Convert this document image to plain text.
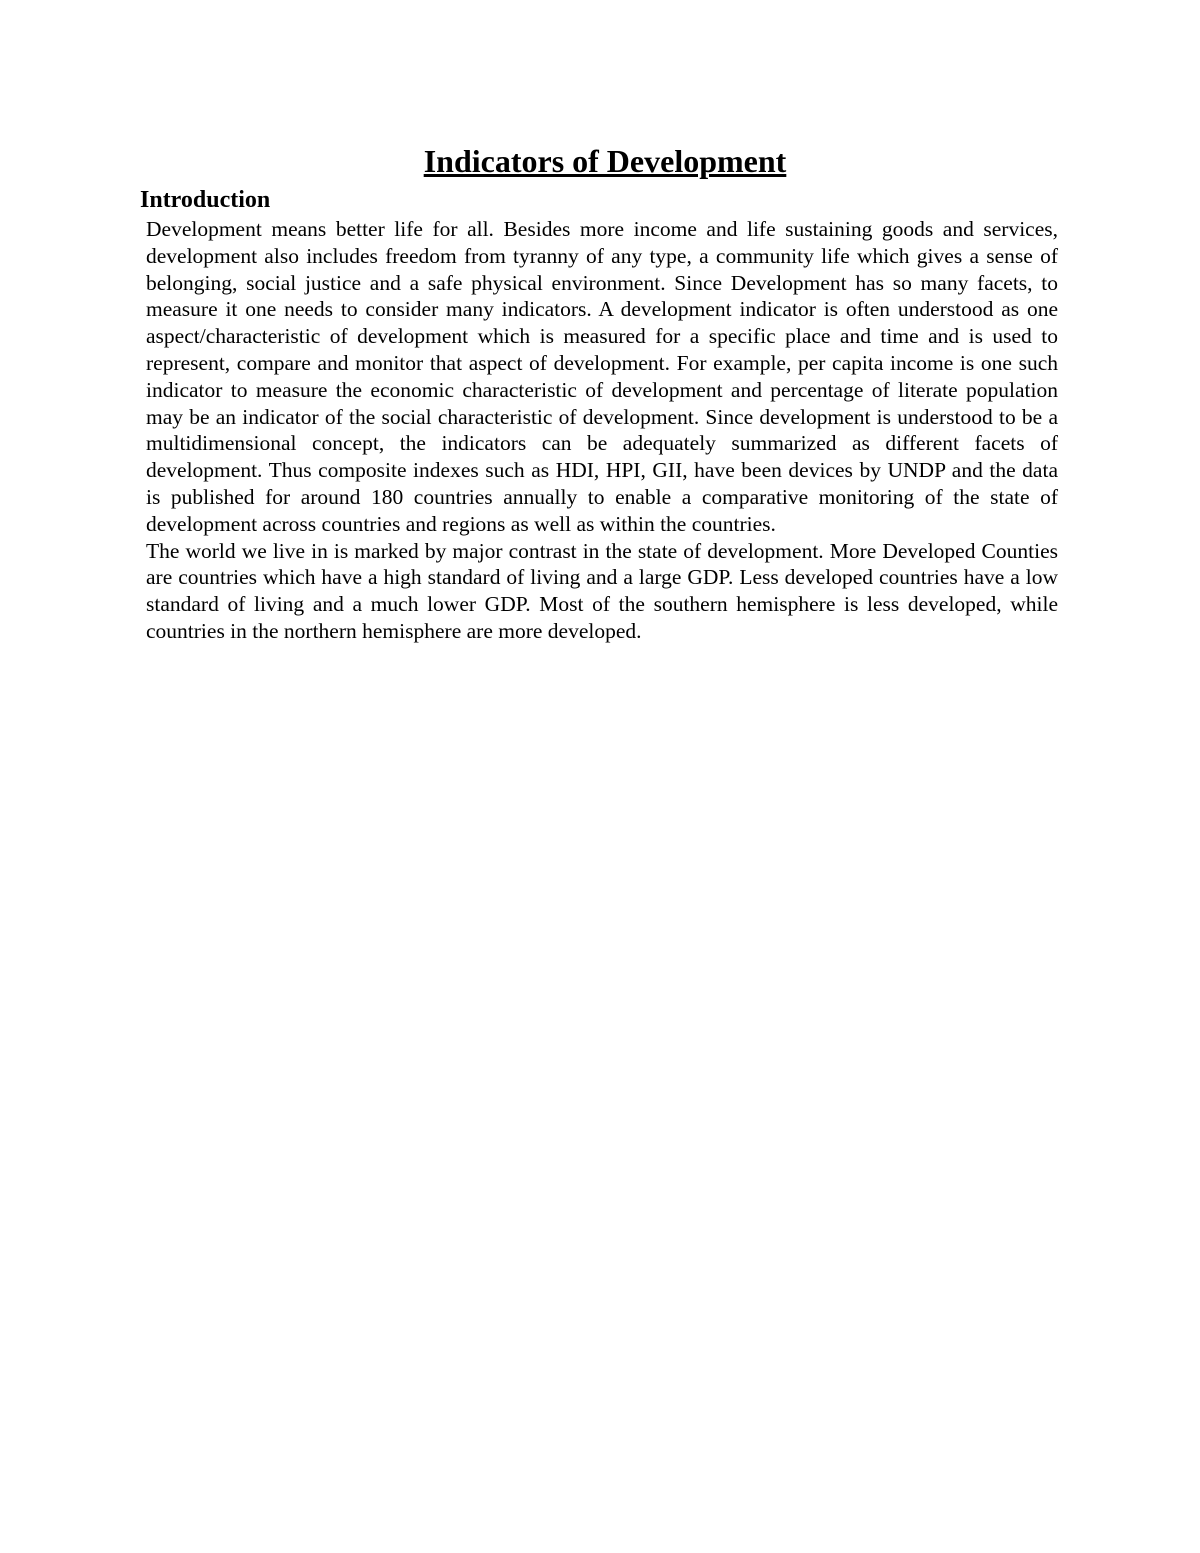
Indicators of Development
Introduction

Development means better life for all. Besides more income and life sustaining goods and services, development also includes freedom from tyranny of any type, a community life which gives a sense of belonging, social justice and a safe physical environment. Since Development has so many facets, to measure it one needs to consider many indicators. A development indicator is often understood as one aspect/characteristic of development which is measured for a specific place and time and is used to represent, compare and monitor that aspect of development. For example, per capita income is one such indicator to measure the economic characteristic of development and percentage of literate population may be an indicator of the social characteristic of development. Since development is understood to be a multidimensional concept, the indicators can be adequately summarized as different facets of development. Thus composite indexes such as HDI, HPI, GII, have been devices by UNDP and the data is published for around 180 countries annually to enable a comparative monitoring of the state of development across countries and regions as well as within the countries.

The world we live in is marked by major contrast in the state of development. More Developed Counties are countries which have a high standard of living and a large GDP. Less developed countries have a low standard of living and a much lower GDP. Most of the southern hemisphere is less developed, while countries in the northern hemisphere are more developed.
